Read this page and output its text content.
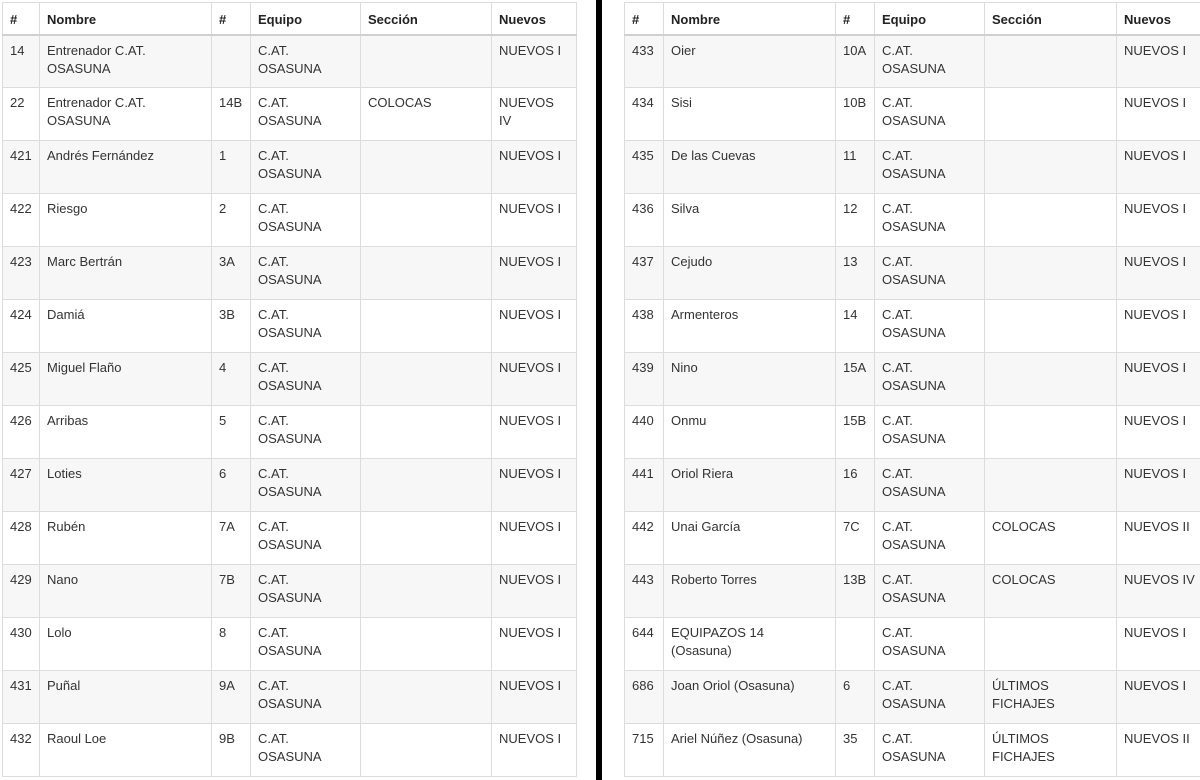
#	Nombre	#	Equipo	Sección	Nuevos

14	Entrenador C.AT. OSASUNA		C.AT. OSASUNA		NUEVOS I

22	Entrenador C.AT. OSASUNA	14B	C.AT. OSASUNA	COLOCAS	NUEVOS IV

421	Andrés Fernández	1	C.AT. OSASUNA		NUEVOS I

422	Riesgo	2	C.AT. OSASUNA		NUEVOS I

423	Marc Bertrán	3A	C.AT. OSASUNA		NUEVOS I

424	Damiá	3B	C.AT. OSASUNA		NUEVOS I

425	Miguel Flaño	4	C.AT. OSASUNA		NUEVOS I

426	Arribas	5	C.AT. OSASUNA		NUEVOS I

427	Loties	6	C.AT. OSASUNA		NUEVOS I

428	Rubén	7A	C.AT. OSASUNA		NUEVOS I

429	Nano	7B	C.AT. OSASUNA		NUEVOS I

430	Lolo	8	C.AT. OSASUNA		NUEVOS I

431	Puñal	9A	C.AT. OSASUNA		NUEVOS I

432	Raoul Loe	9B	C.AT. OSASUNA		NUEVOS I
#	Nombre	#	Equipo	Sección	Nuevos

433	Oier	10A	C.AT. OSASUNA		NUEVOS I

434	Sisi	10B	C.AT. OSASUNA		NUEVOS I

435	De las Cuevas	11	C.AT. OSASUNA		NUEVOS I

436	Silva	12	C.AT. OSASUNA		NUEVOS I

437	Cejudo	13	C.AT. OSASUNA		NUEVOS I

438	Armenteros	14	C.AT. OSASUNA		NUEVOS I

439	Nino	15A	C.AT. OSASUNA		NUEVOS I

440	Onmu	15B	C.AT. OSASUNA		NUEVOS I

441	Oriol Riera	16	C.AT. OSASUNA		NUEVOS I

442	Unai García	7C	C.AT. OSASUNA	COLOCAS	NUEVOS II

443	Roberto Torres	13B	C.AT. OSASUNA	COLOCAS	NUEVOS IV

644	EQUIPAZOS 14 (Osasuna)		C.AT. OSASUNA		NUEVOS I

686	Joan Oriol (Osasuna)	6	C.AT. OSASUNA	ÚLTIMOS FICHAJES	NUEVOS I

715	Ariel Núñez (Osasuna)	35	C.AT. OSASUNA	ÚLTIMOS FICHAJES	NUEVOS II
